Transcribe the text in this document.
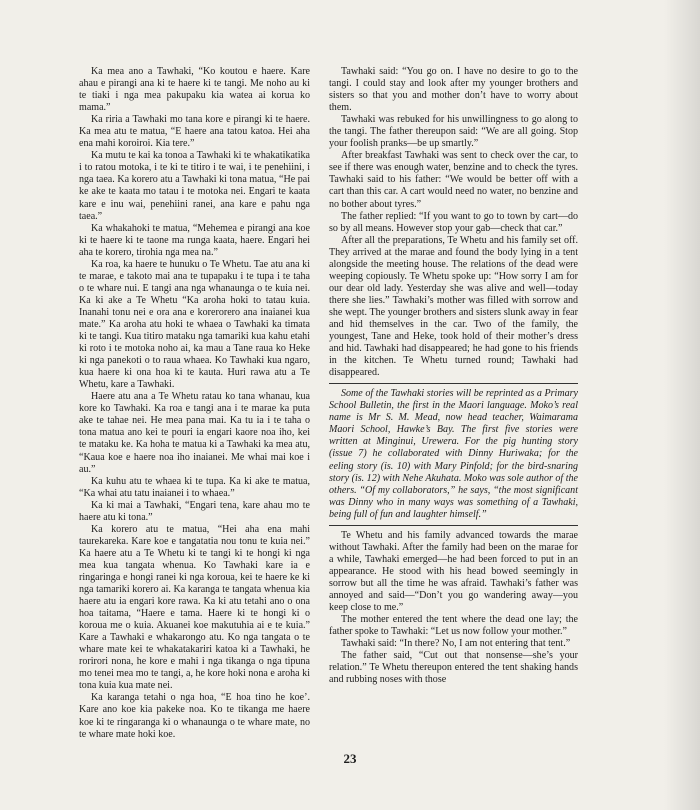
Ka mea ano a Tawhaki, “Ko koutou e haere. Kare ahau e pirangi ana ki te haere ki te tangi. Me noho au ki te tiaki i nga mea pakupaku kia watea ai korua ko mama.”

Ka riria a Tawhaki mo tana kore e pirangi ki te haere. Ka mea atu te matua, “E haere ana tatou katoa. Hei aha ena mahi koroiroi. Kia tere.”

Ka mutu te kai ka tonoa a Tawhaki ki te whakatikatika i to ratou motoka, i te ki te titiro i te wai, i te penehiini, i nga taea. Ka korero atu a Tawhaki ki tona matua, “He pai ke ake te kaata mo tatau i te motoka nei. Engari te kaata kare e inu wai, penehiini ranei, ana kare e pahu nga taea.”

Ka whakahoki te matua, “Mehemea e pirangi ana koe ki te haere ki te taone ma runga kaata, haere. Engari hei aha te korero, tirohia nga mea na.”

Ka roa, ka haere te hunuku o Te Whetu. Tae atu ana ki te marae, e takoto mai ana te tupapaku i te tupa i te taha o te whare nui. E tangi ana nga whanaunga o te kuia nei. Ka ki ake a Te Whetu “Ka aroha hoki to tatau kuia. Inanahi tonu nei e ora ana e korerorero ana inaianei kua mate.” Ka aroha atu hoki te whaea o Tawhaki ka timata ki te tangi. Kua titiro mataku nga tamariki kua kahu etahi ki roto i te motoka noho ai, ka mau a Tane raua ko Heke ki nga panekoti o to raua whaea. Ko Tawhaki kua ngaro, kua haere ki ona hoa ki te kauta. Huri rawa atu a Te Whetu, kare a Tawhaki.

Haere atu ana a Te Whetu ratau ko tana whanau, kua kore ko Tawhaki. Ka roa e tangi ana i te marae ka puta ake te tahae nei. He mea pana mai. Ka tu ia i te taha o tona matua ano kei te pouri ia engari kaore noa iho, kei te mataku ke. Ka hoha te matua ki a Tawhaki ka mea atu, “Kaua koe e haere noa iho inaianei. Me whai mai koe i au.”

Ka kuhu atu te whaea ki te tupa. Ka ki ake te matua, “Ka whai atu tatu inaianei i to whaea.”

Ka ki mai a Tawhaki, “Engari tena, kare ahau mo te haere atu ki tona.”

Ka korero atu te matua, “Hei aha ena mahi taurekareka. Kare koe e tangatatia nou tonu te kuia nei.” Ka haere atu a Te Whetu ki te tangi ki te hongi ki nga mea kua tangata whenua. Ko Tawhaki kare ia e ringaringa e hongi ranei ki nga koroua, kei te haere ke ki nga tamariki korero ai. Ka karanga te tangata whenua kia haere atu ia engari kore rawa. Ka ki atu tetahi ano o ona hoa taitama, “Haere e tama. Haere ki te hongi ki o koroua me o kuia. Akuanei koe makutuhia ai e te kuia.” Kare a Tawhaki e whakarongo atu. Ko nga tangata o te whare mate kei te whakatakariri katoa ki a Tawhaki, he rorirori nona, he kore e mahi i nga tikanga o nga tipuna mo tenei mea mo te tangi, a, he kore hoki nona e aroha ki tona kuia kua mate nei.

Ka karanga tetahi o nga hoa, “E hoa tino he koe’. Kare ano koe kia pakeke noa. Ko te tikanga me haere koe ki te ringaranga ki o whanaunga o te whare mate, no te whare mate hoki koe.

Tawhaki said: “You go on. I have no desire to go to the tangi. I could stay and look after my younger brothers and sisters so that you and mother don’t have to worry about them.

Tawhaki was rebuked for his unwillingness to go along to the tangi. The father thereupon said: “We are all going. Stop your foolish pranks—be up smartly.”

After breakfast Tawhaki was sent to check over the car, to see if there was enough water, benzine and to check the tyres. Tawhaki said to his father: “We would be better off with a cart than this car. A cart would need no water, no benzine and no bother about tyres.”

The father replied: “If you want to go to town by cart—do so by all means. However stop your gab—check that car.”

After all the preparations, Te Whetu and his family set off. They arrived at the marae and found the body lying in a tent alongside the meeting house. The relations of the dead were weeping copiously. Te Whetu spoke up: “How sorry I am for our dear old lady. Yesterday she was alive and well—today there she lies.” Tawhaki’s mother was filled with sorrow and she wept. The younger brothers and sisters slunk away in fear and hid themselves in the car. Two of the family, the youngest, Tane and Heke, took hold of their mother’s dress and hid. Tawhaki had disappeared; he had gone to his friends in the kitchen. Te Whetu turned round; Tawhaki had disappeared.

Some of the Tawhaki stories will be reprinted as a Primary School Bulletin, the first in the Maori language. Moko’s real name is Mr S. M. Mead, now head teacher, Waimarama Maori School, Hawke’s Bay. The first five stories were written at Minginui, Urewera. For the pig hunting story (issue 7) he collaborated with Dinny Huriwaka; for the eeling story (is. 10) with Mary Pinfold; for the bird-snaring story (is. 12) with Nehe Akuhata. Moko was sole author of the others. “Of my collaborators,” he says, “the most significant was Dinny who in many ways was something of a Tawhaki, being full of fun and laughter himself.”

Te Whetu and his family advanced towards the marae without Tawhaki. After the family had been on the marae for a while, Tawhaki emerged—he had been forced to put in an appearance. He stood with his head bowed seemingly in sorrow but all the time he was afraid. Tawhaki’s father was annoyed and said—“Don’t you go wandering away—you keep close to me.”

The mother entered the tent where the dead one lay; the father spoke to Tawhaki: “Let us now follow your mother.”

Tawhaki said: “In there? No, I am not entering that tent.”

The father said, “Cut out that nonsense—she’s your relation.” Te Whetu thereupon entered the tent shaking hands and rubbing noses with those

23
